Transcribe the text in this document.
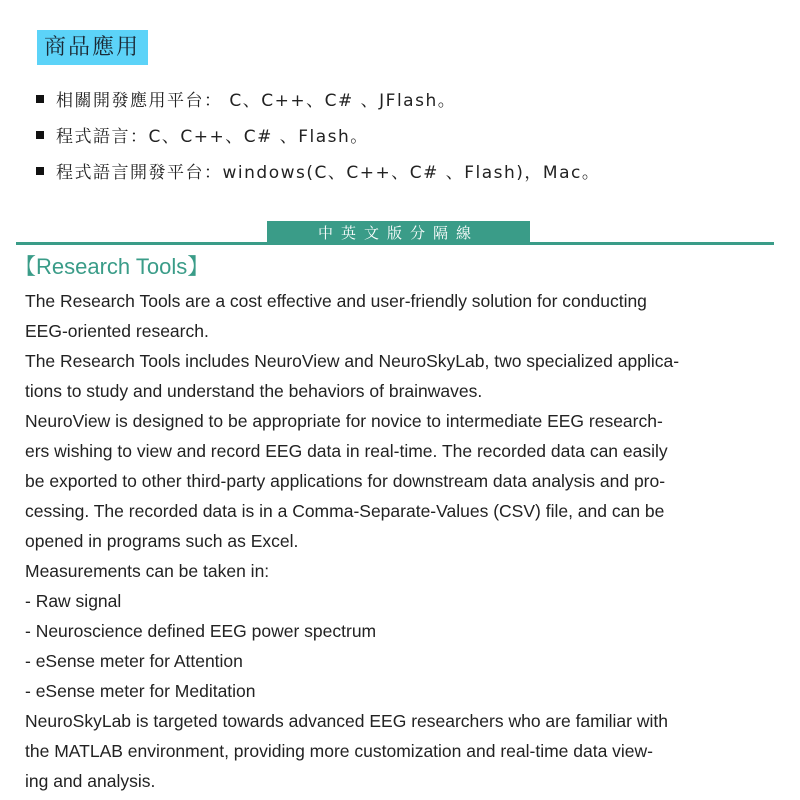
商品應用
相關開發應用平台： C、C++、C# 、JFlash。
程式語言：C、C++、C# 、Flash。
程式語言開發平台：windows(C、C++、C# 、Flash)，Mac。
中英文版分隔線
【Research Tools】
The Research Tools are a cost effective and user-friendly solution for conducting
EEG-oriented research.
The Research Tools includes NeuroView and NeuroSkyLab, two specialized applica-
tions to study and understand the behaviors of brainwaves.
NeuroView is designed to be appropriate for novice to intermediate EEG research-
ers wishing to view and record EEG data in real-time. The recorded data can easily
be exported to other third-party applications for downstream data analysis and pro-
cessing. The recorded data is in a Comma-Separate-Values (CSV) file, and can be
opened in programs such as Excel.
Measurements can be taken in:
- Raw signal
- Neuroscience defined EEG power spectrum
- eSense meter for Attention
- eSense meter for Meditation
NeuroSkyLab is targeted towards advanced EEG researchers who are familiar with
the MATLAB environment, providing more customization and real-time data view-
ing and analysis.
